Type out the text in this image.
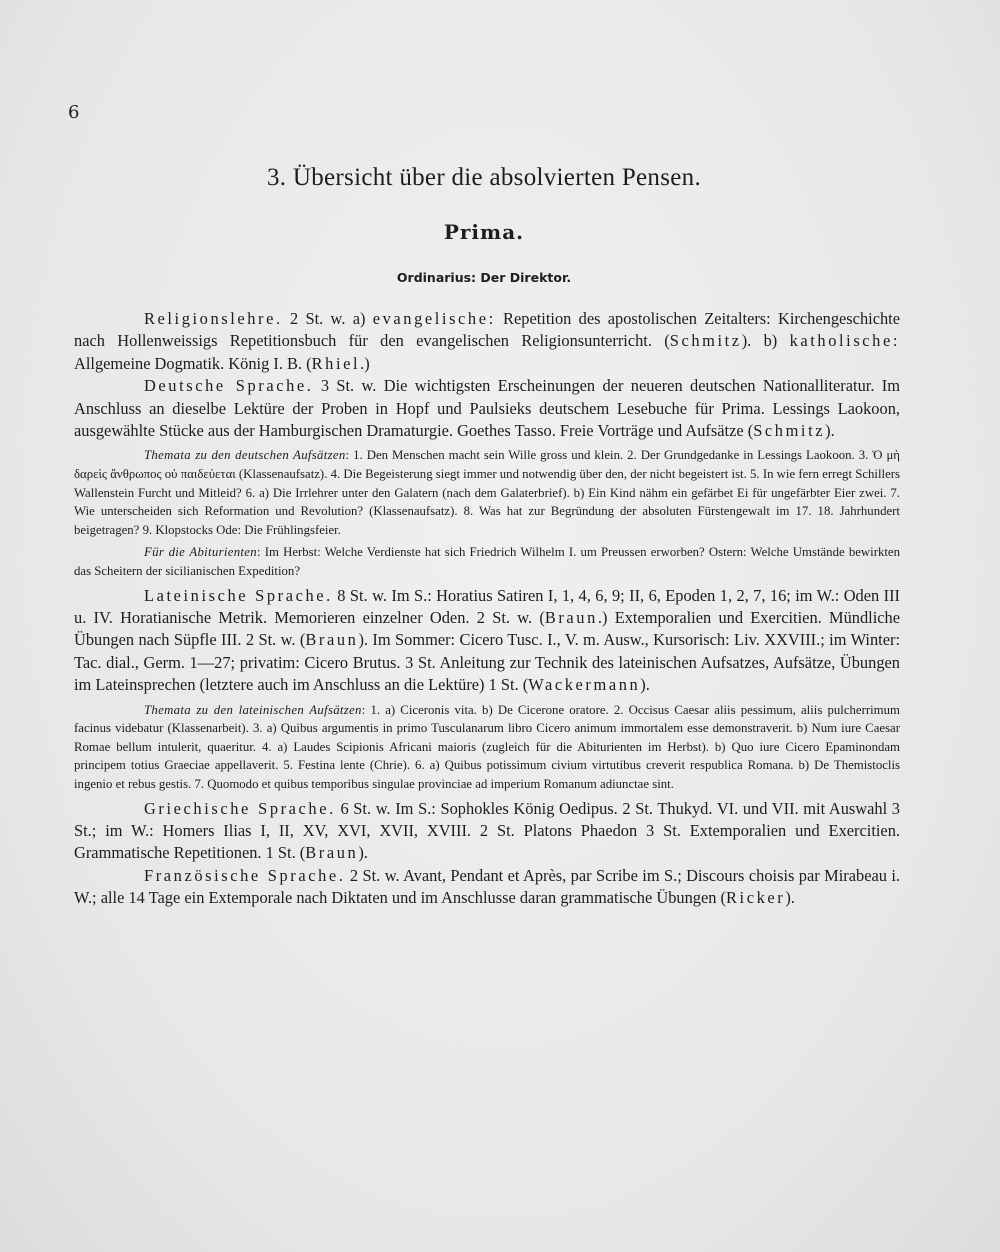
6
3. Übersicht über die absolvierten Pensen.
Prima.
Ordinarius: Der Direktor.

Religionslehre. 2 St. w. a) evangelische: Repetition des apostolischen Zeitalters: Kirchengeschichte nach Hollenweissigs Repetitionsbuch für den evangelischen Religionsunterricht. (Schmitz). b) katholische: Allgemeine Dogmatik. König I. B. (Rhiel.)

Deutsche Sprache. 3 St. w. Die wichtigsten Erscheinungen der neueren deutschen Nationalliteratur. Im Anschluss an dieselbe Lektüre der Proben in Hopf und Paulsieks deutschem Lesebuche für Prima. Lessings Laokoon, ausgewählte Stücke aus der Hamburgischen Dramaturgie. Goethes Tasso. Freie Vorträge und Aufsätze (Schmitz).

Themata zu den deutschen Aufsätzen: 1. Den Menschen macht sein Wille gross und klein. 2. Der Grundgedanke in Lessings Laokoon. 3. Ὁ μὴ δαρεὶς ἄνθρωπος οὐ παιδεύεται (Klassenaufsatz). 4. Die Begeisterung siegt immer und notwendig über den, der nicht begeistert ist. 5. In wie fern erregt Schillers Wallenstein Furcht und Mitleid? 6. a) Die Irrlehrer unter den Galatern (nach dem Galaterbrief). b) Ein Kind nähm ein gefärbet Ei für ungefärbter Eier zwei. 7. Wie unterscheiden sich Reformation und Revolution? (Klassenaufsatz). 8. Was hat zur Begründung der absoluten Fürstengewalt im 17. 18. Jahrhundert beigetragen? 9. Klopstocks Ode: Die Frühlingsfeier.

Für die Abiturienten: Im Herbst: Welche Verdienste hat sich Friedrich Wilhelm I. um Preussen erworben? Ostern: Welche Umstände bewirkten das Scheitern der sicilianischen Expedition?

Lateinische Sprache. 8 St. w. Im S.: Horatius Satiren I, 1, 4, 6, 9; II, 6, Epoden 1, 2, 7, 16; im W.: Oden III u. IV. Horatianische Metrik. Memorieren einzelner Oden. 2 St. w. (Braun.) Extemporalien und Exercitien. Mündliche Übungen nach Süpfle III. 2 St. w. (Braun). Im Sommer: Cicero Tusc. I., V. m. Ausw., Kursorisch: Liv. XXVIII.; im Winter: Tac. dial., Germ. 1—27; privatim: Cicero Brutus. 3 St. Anleitung zur Technik des lateinischen Aufsatzes, Aufsätze, Übungen im Lateinsprechen (letztere auch im Anschluss an die Lektüre) 1 St. (Wackermann).

Themata zu den lateinischen Aufsätzen: 1. a) Ciceronis vita. b) De Cicerone oratore. 2. Occisus Caesar aliis pessimum, aliis pulcherrimum facinus videbatur (Klassenarbeit). 3. a) Quibus argumentis in primo Tusculanarum libro Cicero animum immortalem esse demonstraverit. b) Num iure Caesar Romae bellum intulerit, quaeritur. 4. a) Laudes Scipionis Africani maioris (zugleich für die Abiturienten im Herbst). b) Quo iure Cicero Epaminondam principem totius Graeciae appellaverit. 5. Festina lente (Chrie). 6. a) Quibus potissimum civium virtutibus creverit respublica Romana. b) De Themistoclis ingenio et rebus gestis. 7. Quomodo et quibus temporibus singulae provinciae ad imperium Romanum adiunctae sint.

Griechische Sprache. 6 St. w. Im S.: Sophokles König Oedipus. 2 St. Thukyd. VI. und VII. mit Auswahl 3 St.; im W.: Homers Ilias I, II, XV, XVI, XVII, XVIII. 2 St. Platons Phaedon 3 St. Extemporalien und Exercitien. Grammatische Repetitionen. 1 St. (Braun).

Französische Sprache. 2 St. w. Avant, Pendant et Après, par Scribe im S.; Discours choisis par Mirabeau i. W.; alle 14 Tage ein Extemporale nach Diktaten und im Anschlusse daran grammatische Übungen (Ricker).
